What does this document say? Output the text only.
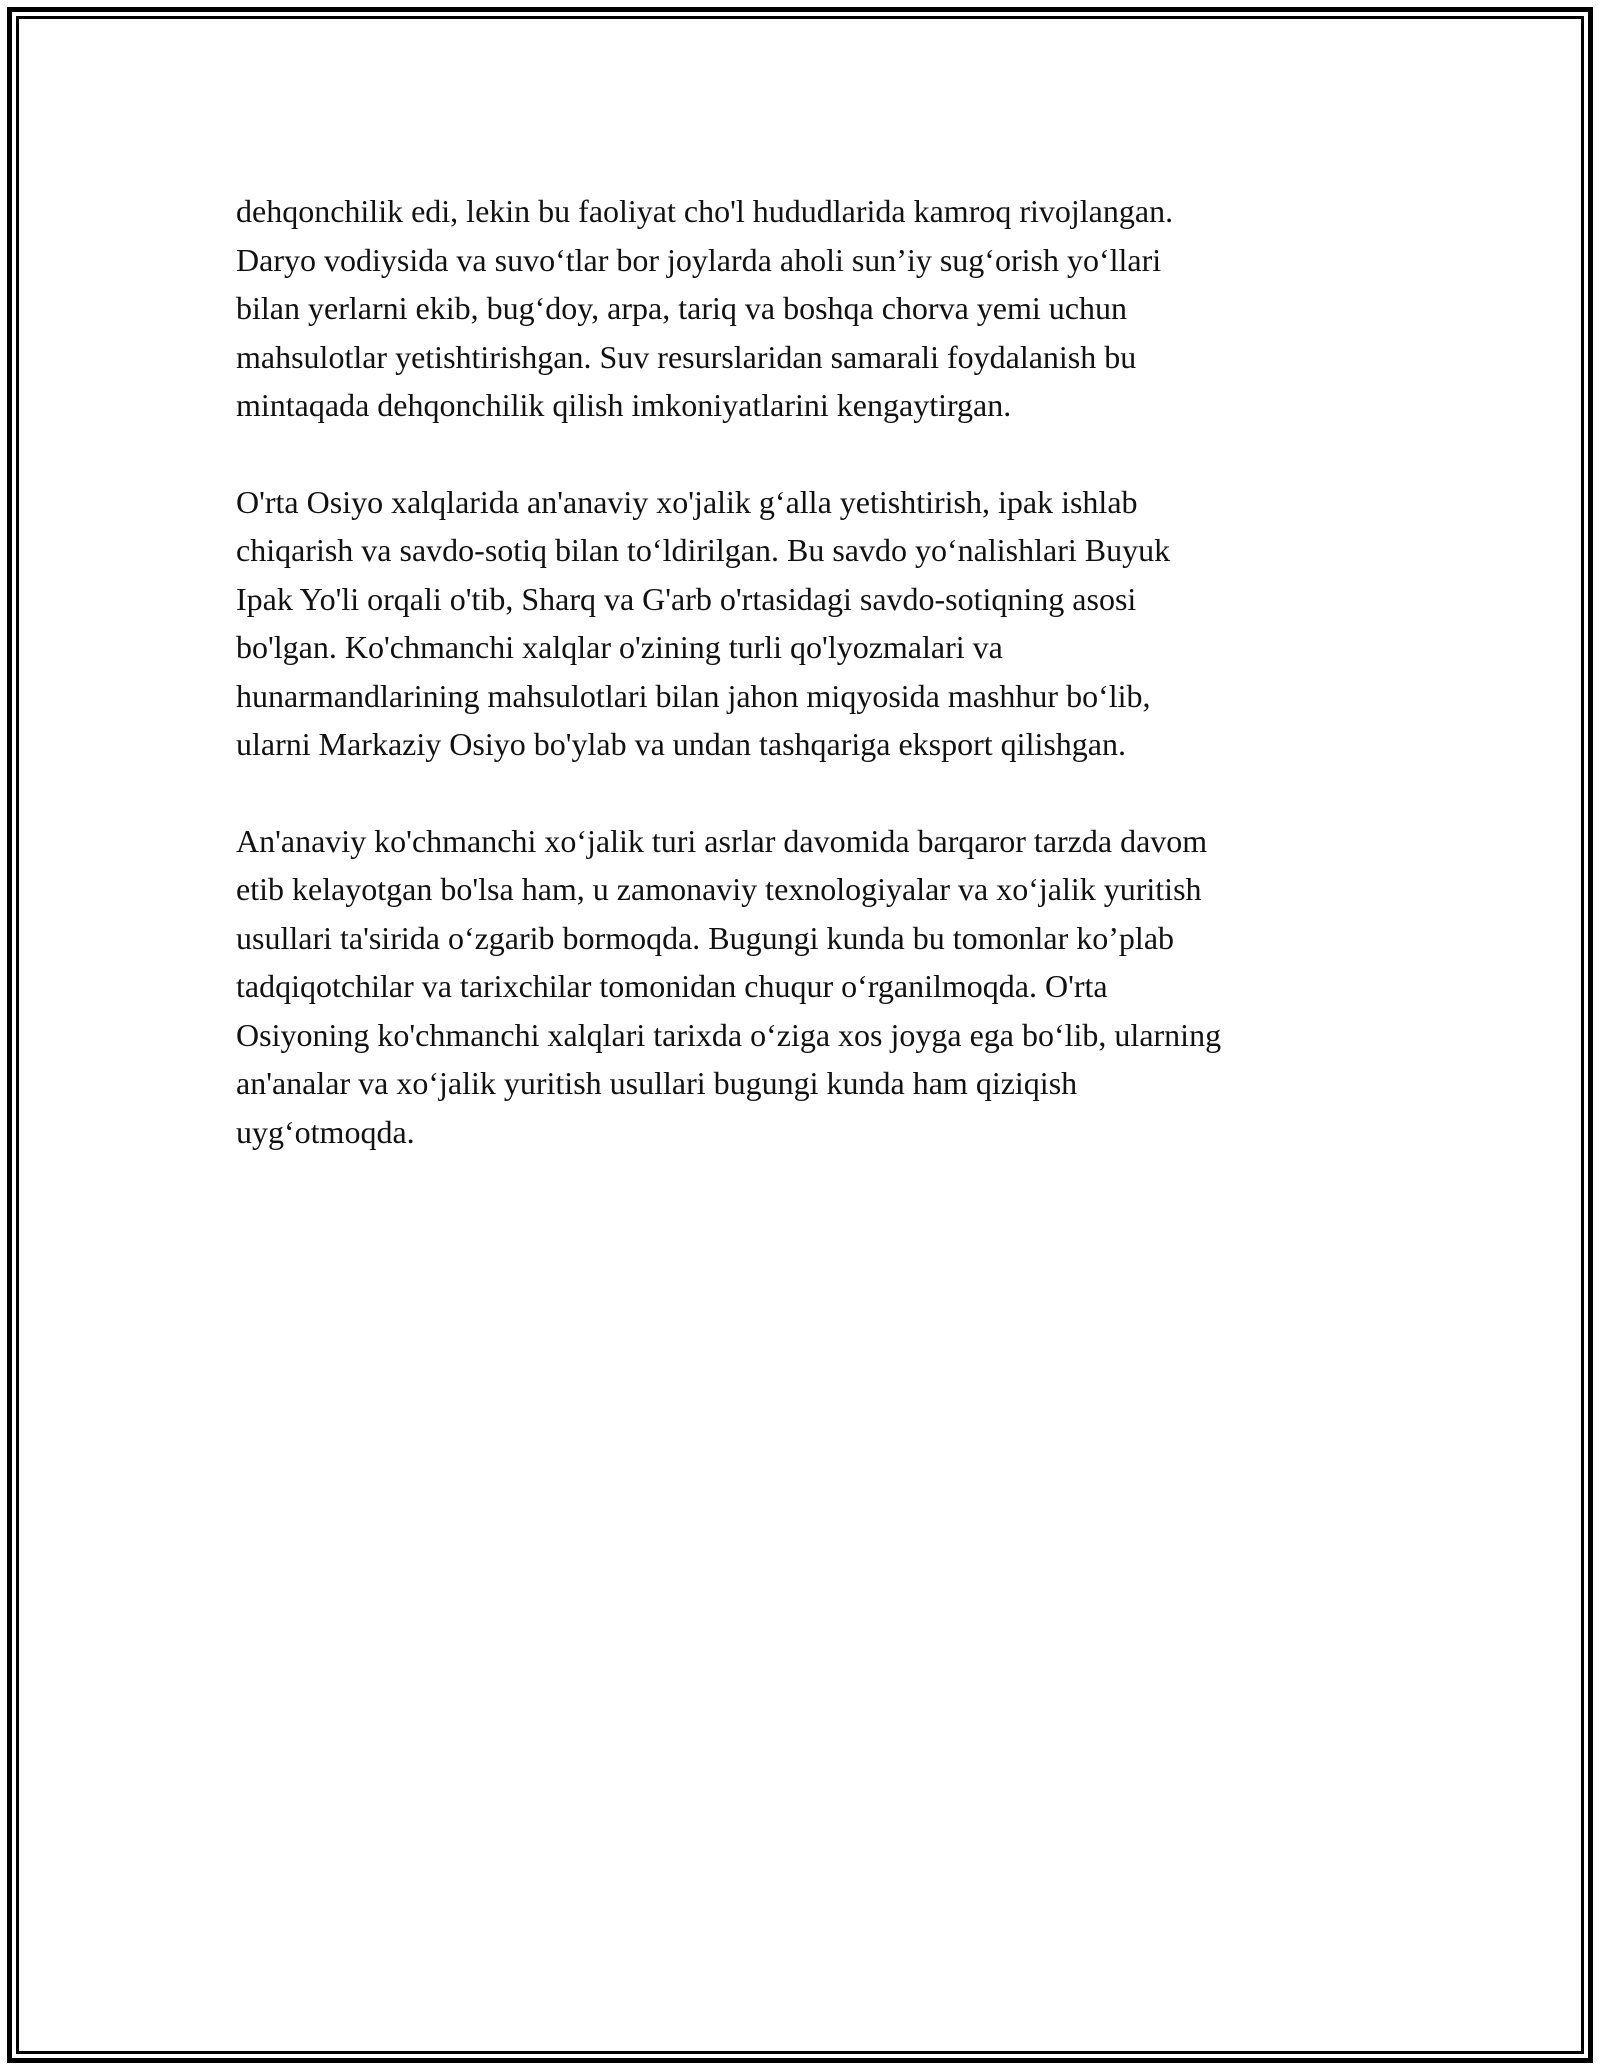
dehqonchilik edi, lekin bu faoliyat cho'l hududlarida kamroq rivojlangan.
Daryo vodiysida va suvo‘tlar bor joylarda aholi sun’iy sug‘orish yo‘llari
bilan yerlarni ekib, bug‘doy, arpa, tariq va boshqa chorva yemi uchun
mahsulotlar yetishtirishgan. Suv resurslaridan samarali foydalanish bu
mintaqada dehqonchilik qilish imkoniyatlarini kengaytirgan.
O'rta Osiyo xalqlarida an'anaviy xo'jalik g‘alla yetishtirish, ipak ishlab
chiqarish va savdo-sotiq bilan to‘ldirilgan. Bu savdo yo‘nalishlari Buyuk
Ipak Yo'li orqali o'tib, Sharq va G'arb o'rtasidagi savdo-sotiqning asosi
bo'lgan. Ko'chmanchi xalqlar o'zining turli qo'lyozmalari va
hunarmandlarining mahsulotlari bilan jahon miqyosida mashhur bo‘lib,
ularni Markaziy Osiyo bo'ylab va undan tashqariga eksport qilishgan.
An'anaviy ko'chmanchi xo‘jalik turi asrlar davomida barqaror tarzda davom
etib kelayotgan bo'lsa ham, u zamonaviy texnologiyalar va xo‘jalik yuritish
usullari ta'sirida o‘zgarib bormoqda. Bugungi kunda bu tomonlar ko’plab
tadqiqotchilar va tarixchilar tomonidan chuqur o‘rganilmoqda. O'rta
Osiyoning ko'chmanchi xalqlari tarixda o‘ziga xos joyga ega bo‘lib, ularning
an'analar va xo‘jalik yuritish usullari bugungi kunda ham qiziqish
uyg‘otmoqda.
